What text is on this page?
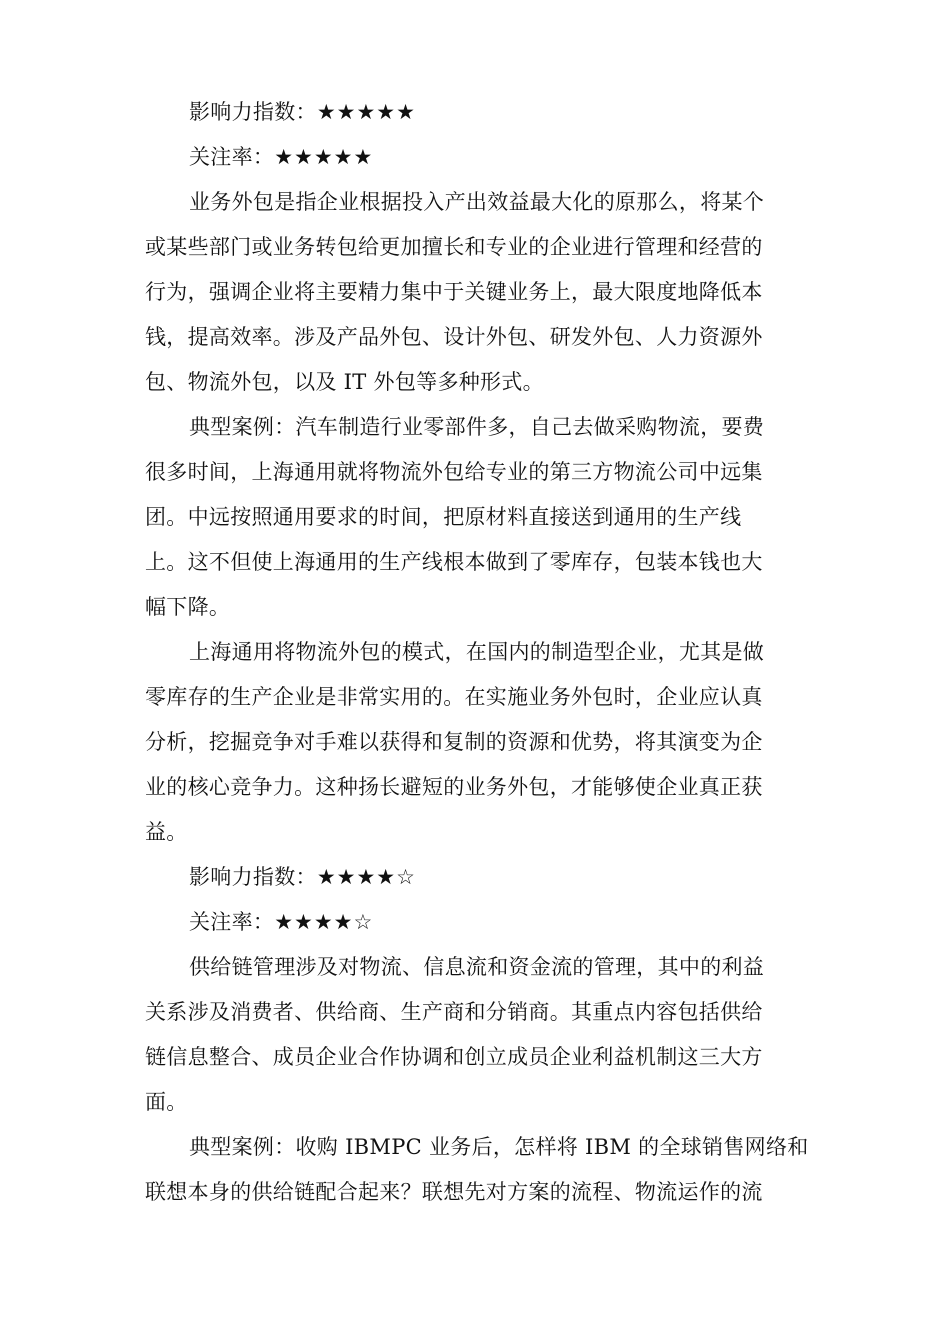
影响力指数：★★★★★
关注率：★★★★★
业务外包是指企业根据投入产出效益最大化的原那么，将某个
或某些部门或业务转包给更加擅长和专业的企业进行管理和经营的
行为，强调企业将主要精力集中于关键业务上，最大限度地降低本
钱，提高效率。涉及产品外包、设计外包、研发外包、人力资源外
包、物流外包，以及 IT 外包等多种形式。
典型案例：汽车制造行业零部件多，自己去做采购物流，要费
很多时间，上海通用就将物流外包给专业的第三方物流公司中远集
团。中远按照通用要求的时间，把原材料直接送到通用的生产线
上。这不但使上海通用的生产线根本做到了零库存，包装本钱也大
幅下降。
上海通用将物流外包的模式，在国内的制造型企业，尤其是做
零库存的生产企业是非常实用的。在实施业务外包时，企业应认真
分析，挖掘竞争对手难以获得和复制的资源和优势，将其演变为企
业的核心竞争力。这种扬长避短的业务外包，才能够使企业真正获
益。
影响力指数：★★★★☆
关注率：★★★★☆
供给链管理涉及对物流、信息流和资金流的管理，其中的利益
关系涉及消费者、供给商、生产商和分销商。其重点内容包括供给
链信息整合、成员企业合作协调和创立成员企业利益机制这三大方
面。
典型案例：收购 IBMPC 业务后，怎样将 IBM 的全球销售网络和
联想本身的供给链配合起来？联想先对方案的流程、物流运作的流
